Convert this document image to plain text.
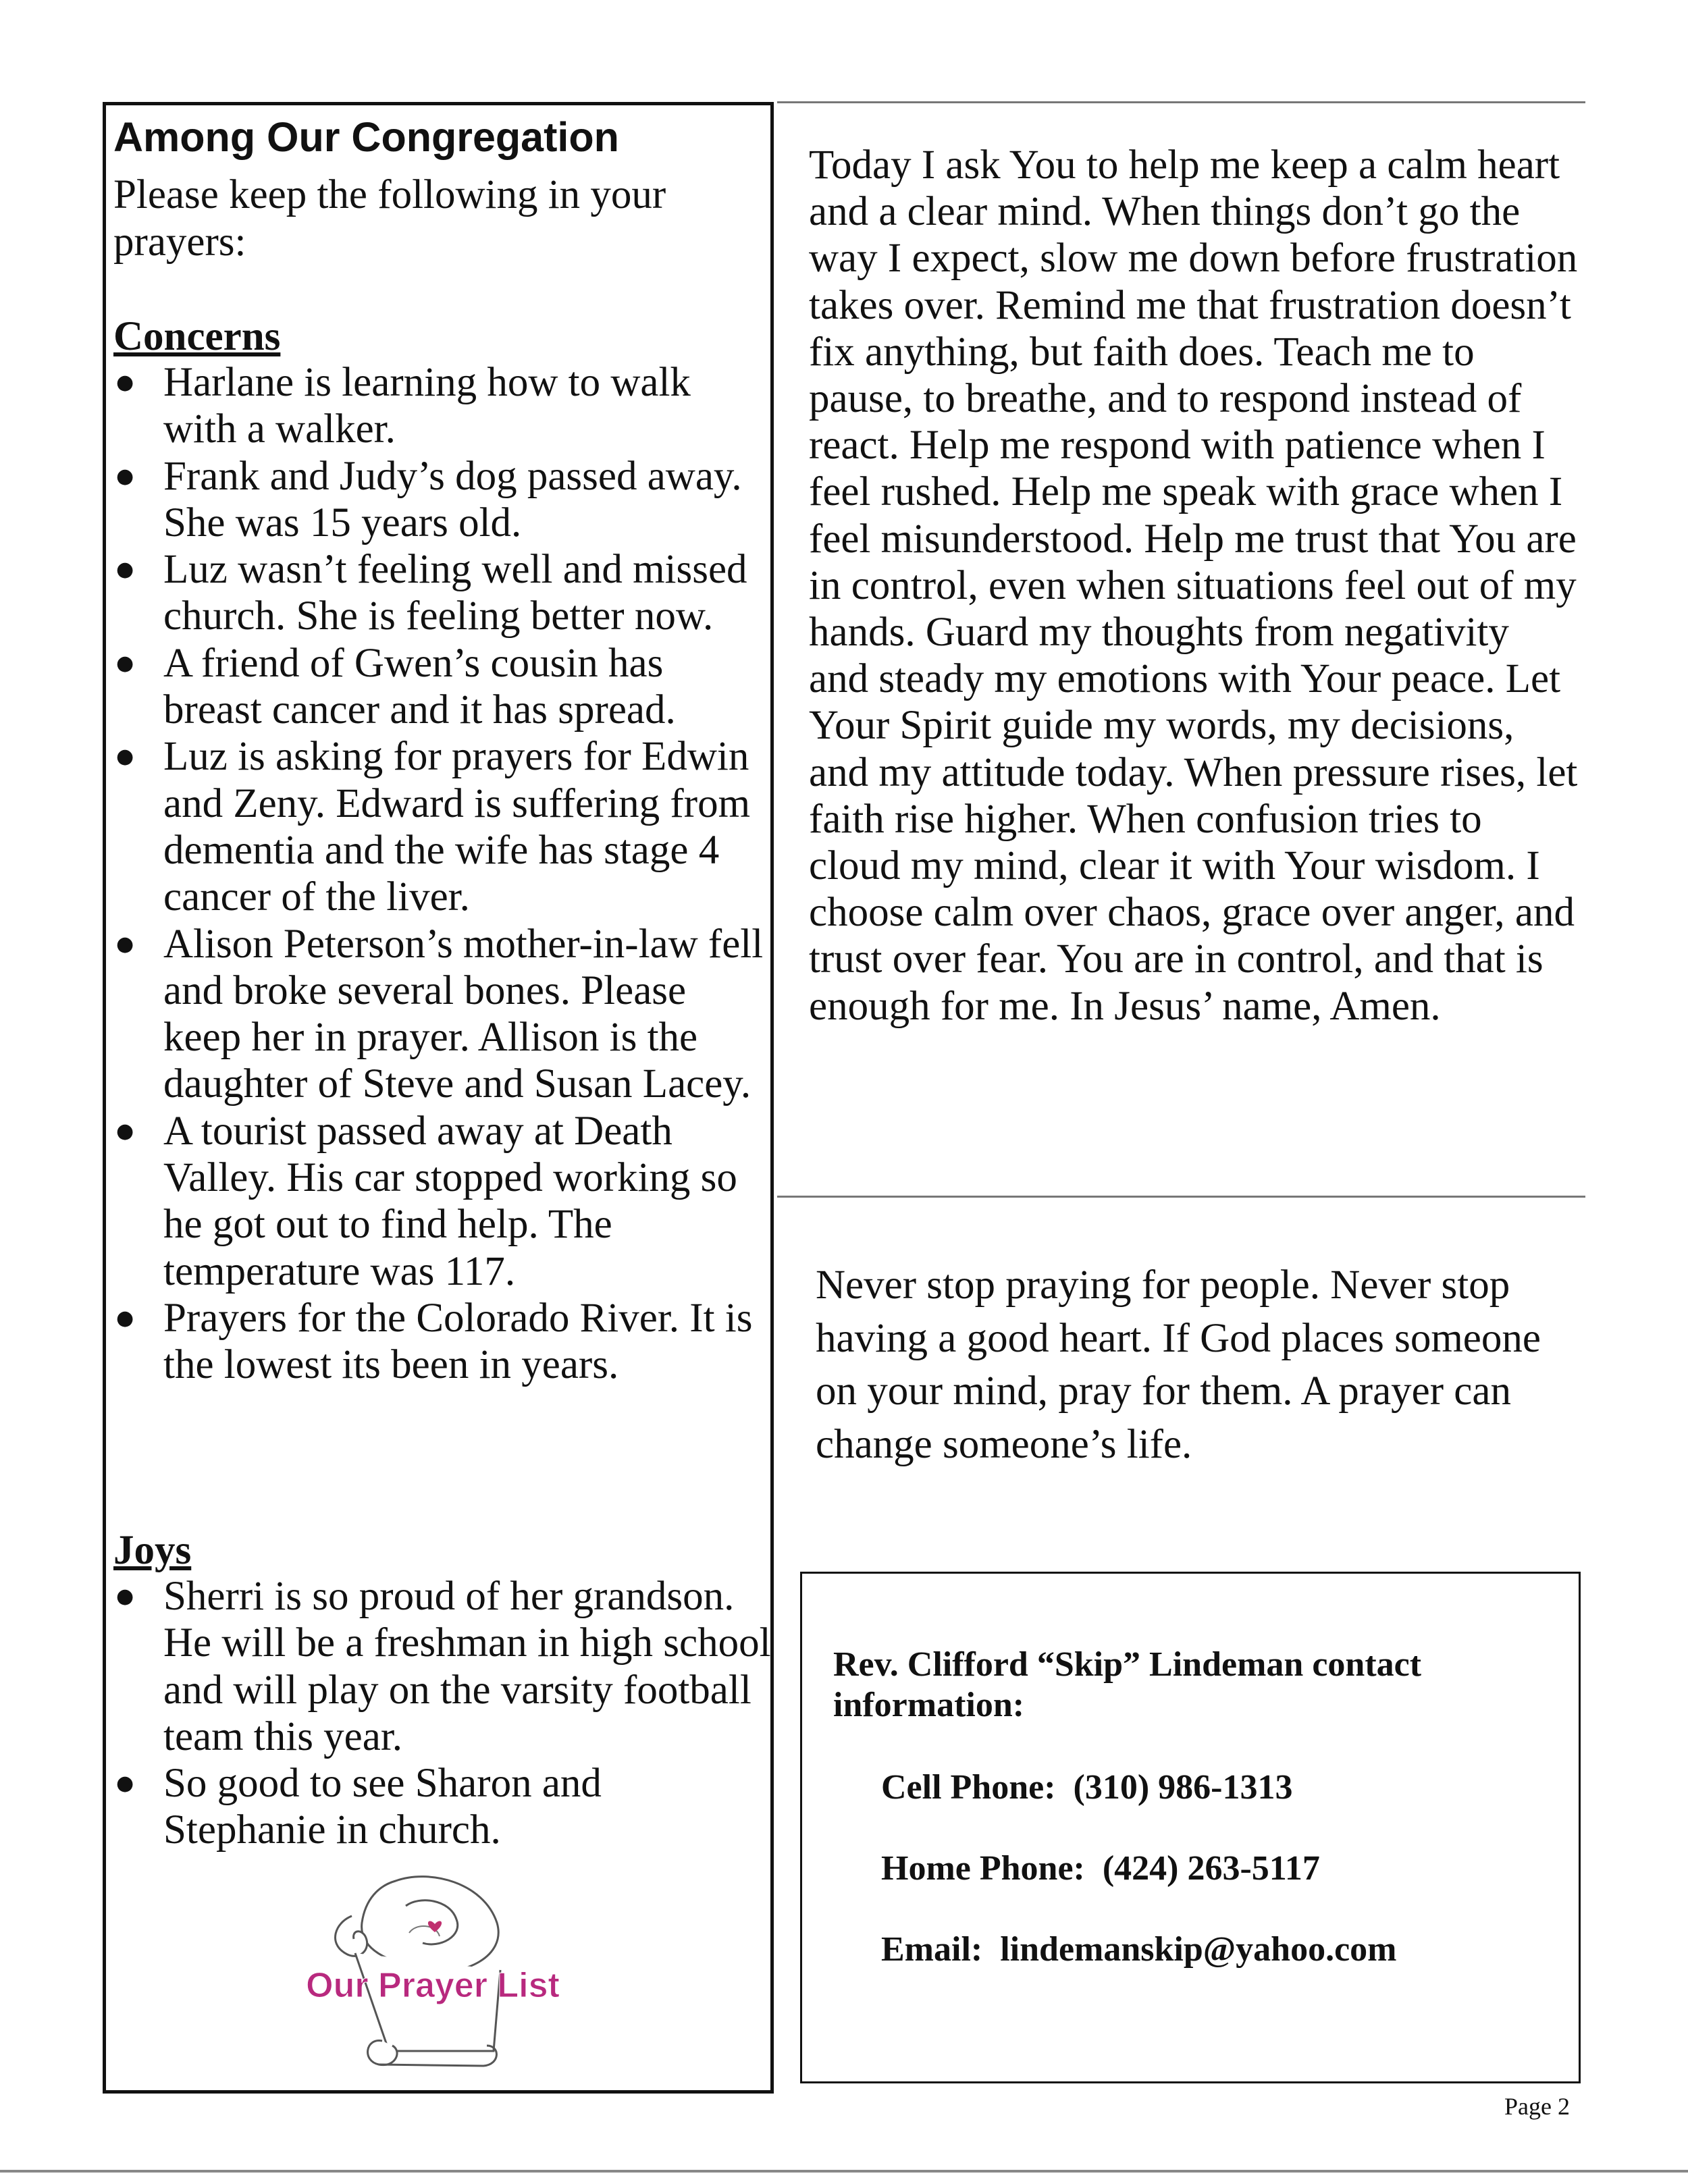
Among Our Congregation

Please keep the following in your prayers:

Concerns

● Harlane is learning how to walk with a walker.
● Frank and Judy’s dog passed away. She was 15 years old.
● Luz wasn’t feeling well and missed church. She is feeling better now.
● A friend of Gwen’s cousin has breast cancer and it has spread.
● Luz is asking for prayers for Edwin and Zeny. Edward is suffering from dementia and the wife has stage 4 cancer of the liver.
● Alison Peterson’s mother-in-law fell and broke several bones. Please keep her in prayer. Allison is the daughter of Steve and Susan Lacey.
● A tourist passed away at Death Valley. His car stopped working so he got out to find help. The temperature was 117.
● Prayers for the Colorado River. It is the lowest its been in years.

Joys

● Sherri is so proud of her grandson. He will be a freshman in high school and will play on the varsity football team this year.
● So good to see Sharon and Stephanie in church.
Our Prayer List

Today I ask You to help me keep a calm heart and a clear mind. When things don’t go the way I expect, slow me down before frustration takes over. Remind me that frustration doesn’t fix anything, but faith does. Teach me to pause, to breathe, and to respond instead of react. Help me respond with patience when I feel rushed. Help me speak with grace when I feel misunderstood. Help me trust that You are in control, even when situations feel out of my hands. Guard my thoughts from negativity and steady my emotions with Your peace. Let Your Spirit guide my words, my decisions, and my attitude today. When pressure rises, let faith rise higher. When confusion tries to cloud my mind, clear it with Your wisdom. I choose calm over chaos, grace over anger, and trust over fear. You are in control, and that is enough for me. In Jesus’ name, Amen.

Never stop praying for people. Never stop having a good heart. If God places someone on your mind, pray for them. A prayer can change someone’s life.

Rev. Clifford “Skip” Lindeman contact information:

Cell Phone:  (310) 986-1313

Home Phone:  (424) 263-5117

Email:  lindemanskip@yahoo.com

Page 2
